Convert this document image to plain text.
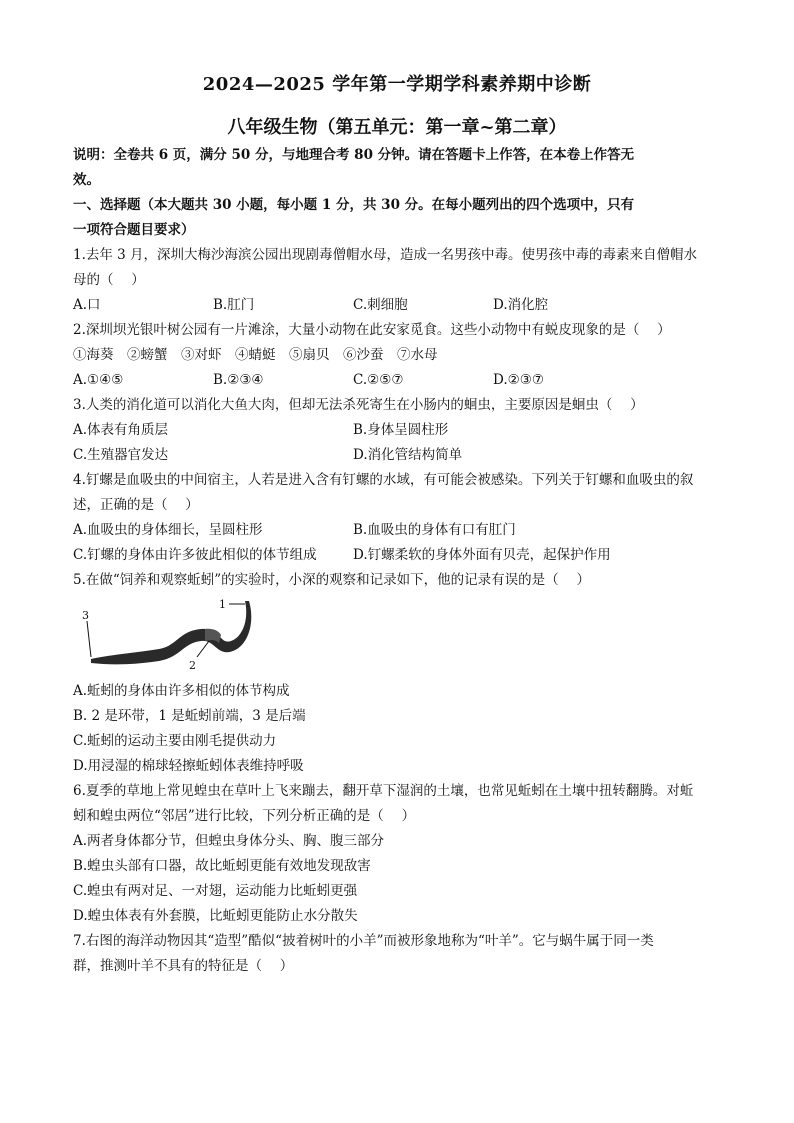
2024—2025 学年第一学期学科素养期中诊断
八年级生物（第五单元：第一章~第二章）

说明：全卷共 6 页，满分 50 分，与地理合考 80 分钟。请在答题卡上作答，在本卷上作答无

效。

一、选择题（本大题共 30 小题，每小题 1 分，共 30 分。在每小题列出的四个选项中，只有

一项符合题目要求）

1.去年 3 月，深圳大梅沙海滨公园出现剧毒僧帽水母，造成一名男孩中毒。使男孩中毒的毒素来自僧帽水

母的（　 ）

A.口	B.肛门	C.刺细胞	D.消化腔

2.深圳坝光银叶树公园有一片滩涂，大量小动物在此安家觅食。这些小动物中有蜕皮现象的是（　 ）

①海葵　②螃蟹　③对虾　④蜻蜓　⑤扇贝　⑥沙蚕　⑦水母

A.①④⑤	B.②③④	C.②⑤⑦	D.②③⑦

3.人类的消化道可以消化大鱼大肉，但却无法杀死寄生在小肠内的蛔虫，主要原因是蛔虫（　 ）

A.体表有角质层	B.身体呈圆柱形
C.生殖器官发达	D.消化管结构简单

4.钉螺是血吸虫的中间宿主，人若是进入含有钉螺的水域，有可能会被感染。下列关于钉螺和血吸虫的叙

述，正确的是（　 ）

A.血吸虫的身体细长，呈圆柱形	B.血吸虫的身体有口有肛门
C.钉螺的身体由许多彼此相似的体节组成	D.钉螺柔软的身体外面有贝壳，起保护作用

5.在做“饲养和观察蚯蚓”的实验时，小深的观察和记录如下，他的记录有误的是（　 ）

1
2
3

A.蚯蚓的身体由许多相似的体节构成

B. 2 是环带，1 是蚯蚓前端，3 是后端

C.蚯蚓的运动主要由刚毛提供动力

D.用浸湿的棉球轻擦蚯蚓体表维持呼吸

6.夏季的草地上常见蝗虫在草叶上飞来蹦去，翻开草下湿润的土壤，也常见蚯蚓在土壤中扭转翻腾。对蚯

蚓和蝗虫两位“邻居”进行比较，下列分析正确的是（　 ）

A.两者身体都分节，但蝗虫身体分头、胸、腹三部分

B.蝗虫头部有口器，故比蚯蚓更能有效地发现敌害

C.蝗虫有两对足、一对翅，运动能力比蚯蚓更强

D.蝗虫体表有外套膜，比蚯蚓更能防止水分散失

7.右图的海洋动物因其“造型”酷似“披着树叶的小羊”而被形象地称为“叶羊”。它与蜗牛属于同一类

群，推测叶羊不具有的特征是（　 ）
